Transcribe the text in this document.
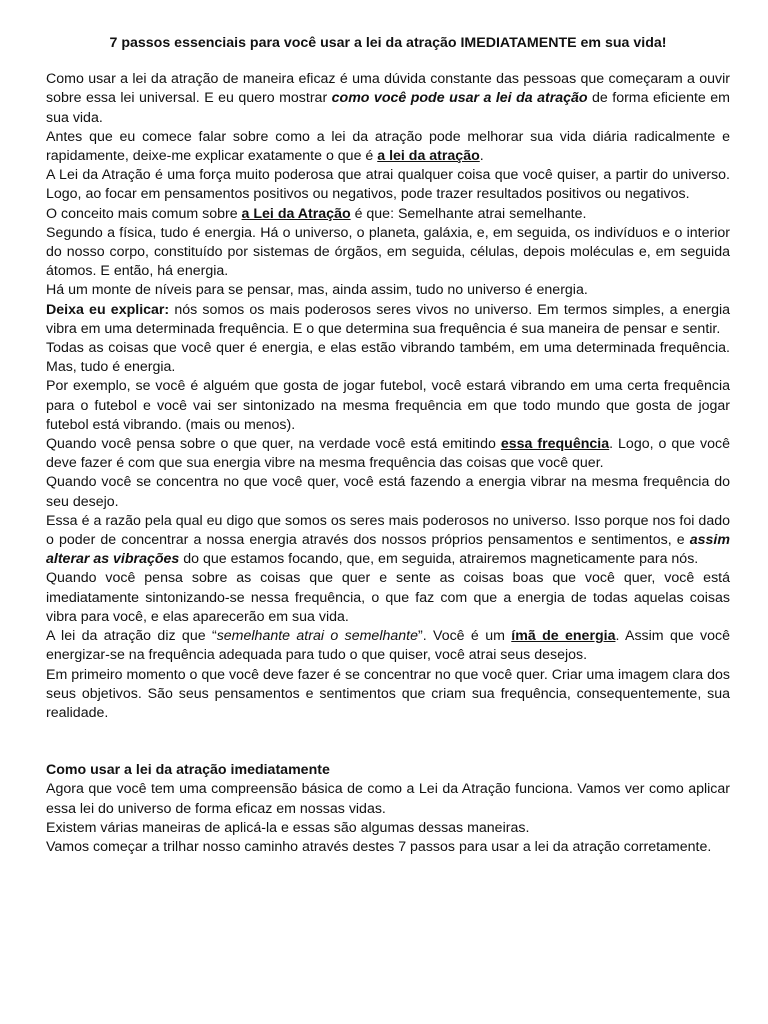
7 passos essenciais para você usar a lei da atração IMEDIATAMENTE em sua vida!

Como usar a lei da atração de maneira eficaz é uma dúvida constante das pessoas que começaram a ouvir sobre essa lei universal. E eu quero mostrar como você pode usar a lei da atração de forma eficiente em sua vida.

Antes que eu comece falar sobre como a lei da atração pode melhorar sua vida diária radicalmente e rapidamente, deixe-me explicar exatamente o que é a lei da atração.

A Lei da Atração é uma força muito poderosa que atrai qualquer coisa que você quiser, a partir do universo. Logo, ao focar em pensamentos positivos ou negativos, pode trazer resultados positivos ou negativos.

O conceito mais comum sobre a Lei da Atração é que: Semelhante atrai semelhante.

Segundo a física, tudo é energia. Há o universo, o planeta, galáxia, e, em seguida, os indivíduos e o interior do nosso corpo, constituído por sistemas de órgãos, em seguida, células, depois moléculas e, em seguida átomos. E então, há energia.

Há um monte de níveis para se pensar, mas, ainda assim, tudo no universo é energia.

Deixa eu explicar: nós somos os mais poderosos seres vivos no universo. Em termos simples, a energia vibra em uma determinada frequência. E o que determina sua frequência é sua maneira de pensar e sentir.

Todas as coisas que você quer é energia, e elas estão vibrando também, em uma determinada frequência. Mas, tudo é energia.

Por exemplo, se você é alguém que gosta de jogar futebol, você estará vibrando em uma certa frequência para o futebol e você vai ser sintonizado na mesma frequência em que todo mundo que gosta de jogar futebol está vibrando. (mais ou menos).

Quando você pensa sobre o que quer, na verdade você está emitindo essa frequência. Logo, o que você deve fazer é com que sua energia vibre na mesma frequência das coisas que você quer.

Quando você se concentra no que você quer, você está fazendo a energia vibrar na mesma frequência do seu desejo.

Essa é a razão pela qual eu digo que somos os seres mais poderosos no universo. Isso porque nos foi dado o poder de concentrar a nossa energia através dos nossos próprios pensamentos e sentimentos, e assim alterar as vibrações do que estamos focando, que, em seguida, atrairemos magneticamente para nós.

Quando você pensa sobre as coisas que quer e sente as coisas boas que você quer, você está imediatamente sintonizando-se nessa frequência, o que faz com que a energia de todas aquelas coisas vibra para você, e elas aparecerão em sua vida.

A lei da atração diz que “semelhante atrai o semelhante”. Você é um ímã de energia. Assim que você energizar-se na frequência adequada para tudo o que quiser, você atrai seus desejos.

Em primeiro momento o que você deve fazer é se concentrar no que você quer. Criar uma imagem clara dos seus objetivos. São seus pensamentos e sentimentos que criam sua frequência, consequentemente, sua realidade.

Como usar a lei da atração imediatamente

Agora que você tem uma compreensão básica de como a Lei da Atração funciona. Vamos ver como aplicar essa lei do universo de forma eficaz em nossas vidas.

Existem várias maneiras de aplicá-la e essas são algumas dessas maneiras.

Vamos começar a trilhar nosso caminho através destes 7 passos para usar a lei da atração corretamente.
